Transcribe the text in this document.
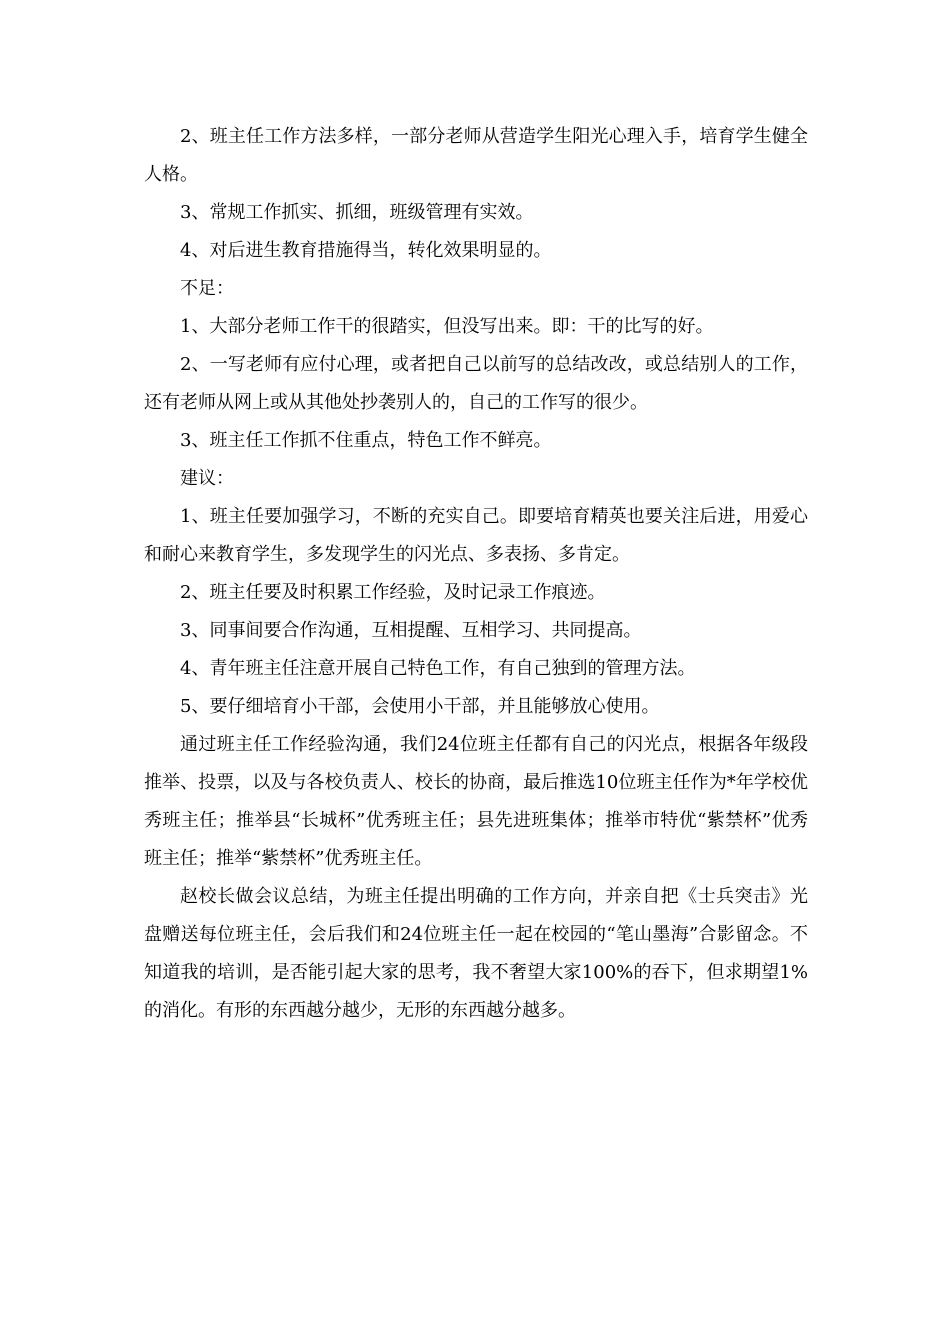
2、班主任工作方法多样，一部分老师从营造学生阳光心理入手，培育学生健全人格。

3、常规工作抓实、抓细，班级管理有实效。

4、对后进生教育措施得当，转化效果明显的。

不足：

1、大部分老师工作干的很踏实，但没写出来。即：干的比写的好。

2、一写老师有应付心理，或者把自己以前写的总结改改，或总结别人的工作，还有老师从网上或从其他处抄袭别人的，自己的工作写的很少。

3、班主任工作抓不住重点，特色工作不鲜亮。

建议：

1、班主任要加强学习，不断的充实自己。即要培育精英也要关注后进，用爱心和耐心来教育学生，多发现学生的闪光点、多表扬、多肯定。

2、班主任要及时积累工作经验，及时记录工作痕迹。

3、同事间要合作沟通，互相提醒、互相学习、共同提高。

4、青年班主任注意开展自己特色工作，有自己独到的管理方法。

5、要仔细培育小干部，会使用小干部，并且能够放心使用。

通过班主任工作经验沟通，我们24位班主任都有自己的闪光点，根据各年级段推举、投票，以及与各校负责人、校长的协商，最后推选10位班主任作为*年学校优秀班主任；推举县“长城杯”优秀班主任；县先进班集体；推举市特优“紫禁杯”优秀班主任；推举“紫禁杯”优秀班主任。

赵校长做会议总结，为班主任提出明确的工作方向，并亲自把《士兵突击》光盘赠送每位班主任，会后我们和24位班主任一起在校园的“笔山墨海”合影留念。不知道我的培训，是否能引起大家的思考，我不奢望大家100%的吞下，但求期望1%的消化。有形的东西越分越少，无形的东西越分越多。
